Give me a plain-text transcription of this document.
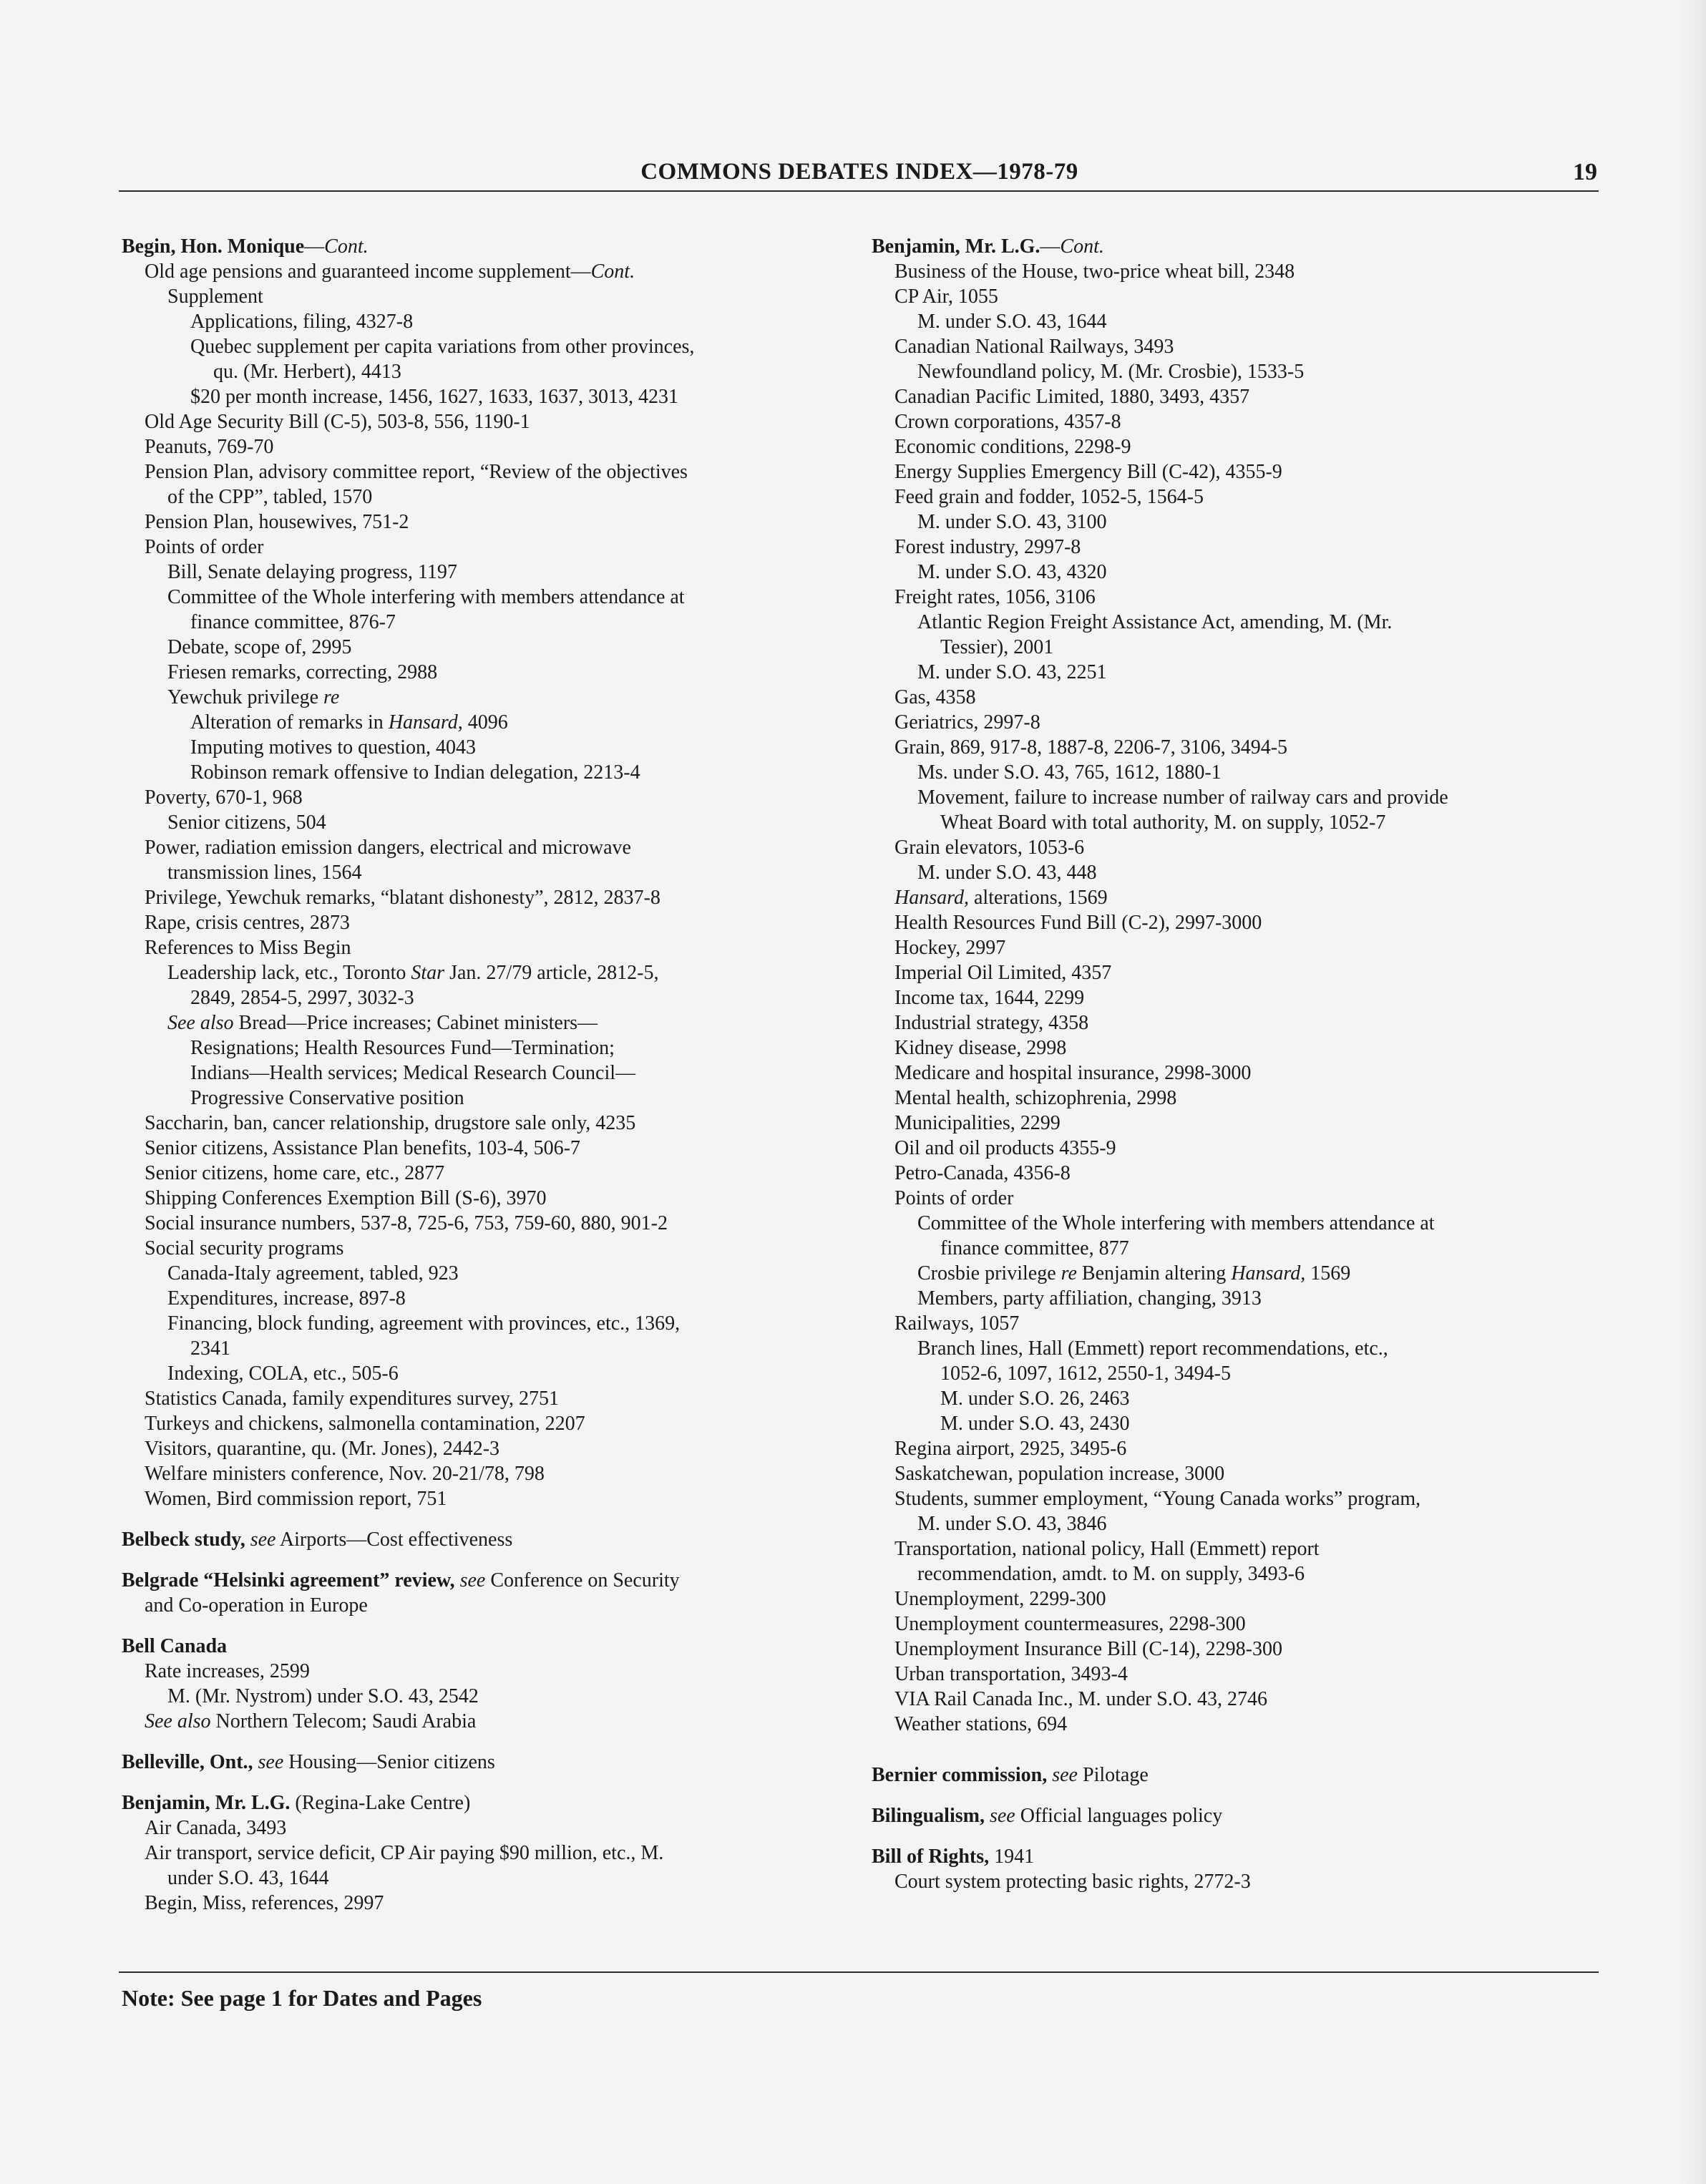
COMMONS DEBATES INDEX—1978-79	19
Begin, Hon. Monique—Cont.
Old age pensions and guaranteed income supplement—Cont.
Supplement
Applications, filing, 4327-8
Quebec supplement per capita variations from other provinces,
qu. (Mr. Herbert), 4413
$20 per month increase, 1456, 1627, 1633, 1637, 3013, 4231
Old Age Security Bill (C-5), 503-8, 556, 1190-1
Peanuts, 769-70
Pension Plan, advisory committee report, “Review of the objectives
of the CPP”, tabled, 1570
Pension Plan, housewives, 751-2
Points of order
Bill, Senate delaying progress, 1197
Committee of the Whole interfering with members attendance at
finance committee, 876-7
Debate, scope of, 2995
Friesen remarks, correcting, 2988
Yewchuk privilege re
Alteration of remarks in Hansard, 4096
Imputing motives to question, 4043
Robinson remark offensive to Indian delegation, 2213-4
Poverty, 670-1, 968
Senior citizens, 504
Power, radiation emission dangers, electrical and microwave
transmission lines, 1564
Privilege, Yewchuk remarks, “blatant dishonesty”, 2812, 2837-8
Rape, crisis centres, 2873
References to Miss Begin
Leadership lack, etc., Toronto Star Jan. 27/79 article, 2812-5,
2849, 2854-5, 2997, 3032-3
See also Bread—Price increases; Cabinet ministers—
Resignations; Health Resources Fund—Termination;
Indians—Health services; Medical Research Council—
Progressive Conservative position
Saccharin, ban, cancer relationship, drugstore sale only, 4235
Senior citizens, Assistance Plan benefits, 103-4, 506-7
Senior citizens, home care, etc., 2877
Shipping Conferences Exemption Bill (S-6), 3970
Social insurance numbers, 537-8, 725-6, 753, 759-60, 880, 901-2
Social security programs
Canada-Italy agreement, tabled, 923
Expenditures, increase, 897-8
Financing, block funding, agreement with provinces, etc., 1369,
2341
Indexing, COLA, etc., 505-6
Statistics Canada, family expenditures survey, 2751
Turkeys and chickens, salmonella contamination, 2207
Visitors, quarantine, qu. (Mr. Jones), 2442-3
Welfare ministers conference, Nov. 20-21/78, 798
Women, Bird commission report, 751
Belbeck study, see Airports—Cost effectiveness
Belgrade “Helsinki agreement” review, see Conference on Security
and Co-operation in Europe
Bell Canada
Rate increases, 2599
M. (Mr. Nystrom) under S.O. 43, 2542
See also Northern Telecom; Saudi Arabia
Belleville, Ont., see Housing—Senior citizens
Benjamin, Mr. L.G. (Regina-Lake Centre)
Air Canada, 3493
Air transport, service deficit, CP Air paying $90 million, etc., M.
under S.O. 43, 1644
Begin, Miss, references, 2997
Benjamin, Mr. L.G.—Cont.
Business of the House, two-price wheat bill, 2348
CP Air, 1055
M. under S.O. 43, 1644
Canadian National Railways, 3493
Newfoundland policy, M. (Mr. Crosbie), 1533-5
Canadian Pacific Limited, 1880, 3493, 4357
Crown corporations, 4357-8
Economic conditions, 2298-9
Energy Supplies Emergency Bill (C-42), 4355-9
Feed grain and fodder, 1052-5, 1564-5
M. under S.O. 43, 3100
Forest industry, 2997-8
M. under S.O. 43, 4320
Freight rates, 1056, 3106
Atlantic Region Freight Assistance Act, amending, M. (Mr.
Tessier), 2001
M. under S.O. 43, 2251
Gas, 4358
Geriatrics, 2997-8
Grain, 869, 917-8, 1887-8, 2206-7, 3106, 3494-5
Ms. under S.O. 43, 765, 1612, 1880-1
Movement, failure to increase number of railway cars and provide
Wheat Board with total authority, M. on supply, 1052-7
Grain elevators, 1053-6
M. under S.O. 43, 448
Hansard, alterations, 1569
Health Resources Fund Bill (C-2), 2997-3000
Hockey, 2997
Imperial Oil Limited, 4357
Income tax, 1644, 2299
Industrial strategy, 4358
Kidney disease, 2998
Medicare and hospital insurance, 2998-3000
Mental health, schizophrenia, 2998
Municipalities, 2299
Oil and oil products 4355-9
Petro-Canada, 4356-8
Points of order
Committee of the Whole interfering with members attendance at
finance committee, 877
Crosbie privilege re Benjamin altering Hansard, 1569
Members, party affiliation, changing, 3913
Railways, 1057
Branch lines, Hall (Emmett) report recommendations, etc.,
1052-6, 1097, 1612, 2550-1, 3494-5
M. under S.O. 26, 2463
M. under S.O. 43, 2430
Regina airport, 2925, 3495-6
Saskatchewan, population increase, 3000
Students, summer employment, “Young Canada works” program,
M. under S.O. 43, 3846
Transportation, national policy, Hall (Emmett) report
recommendation, amdt. to M. on supply, 3493-6
Unemployment, 2299-300
Unemployment countermeasures, 2298-300
Unemployment Insurance Bill (C-14), 2298-300
Urban transportation, 3493-4
VIA Rail Canada Inc., M. under S.O. 43, 2746
Weather stations, 694
Bernier commission, see Pilotage
Bilingualism, see Official languages policy
Bill of Rights, 1941
Court system protecting basic rights, 2772-3
Note: See page 1 for Dates and Pages
